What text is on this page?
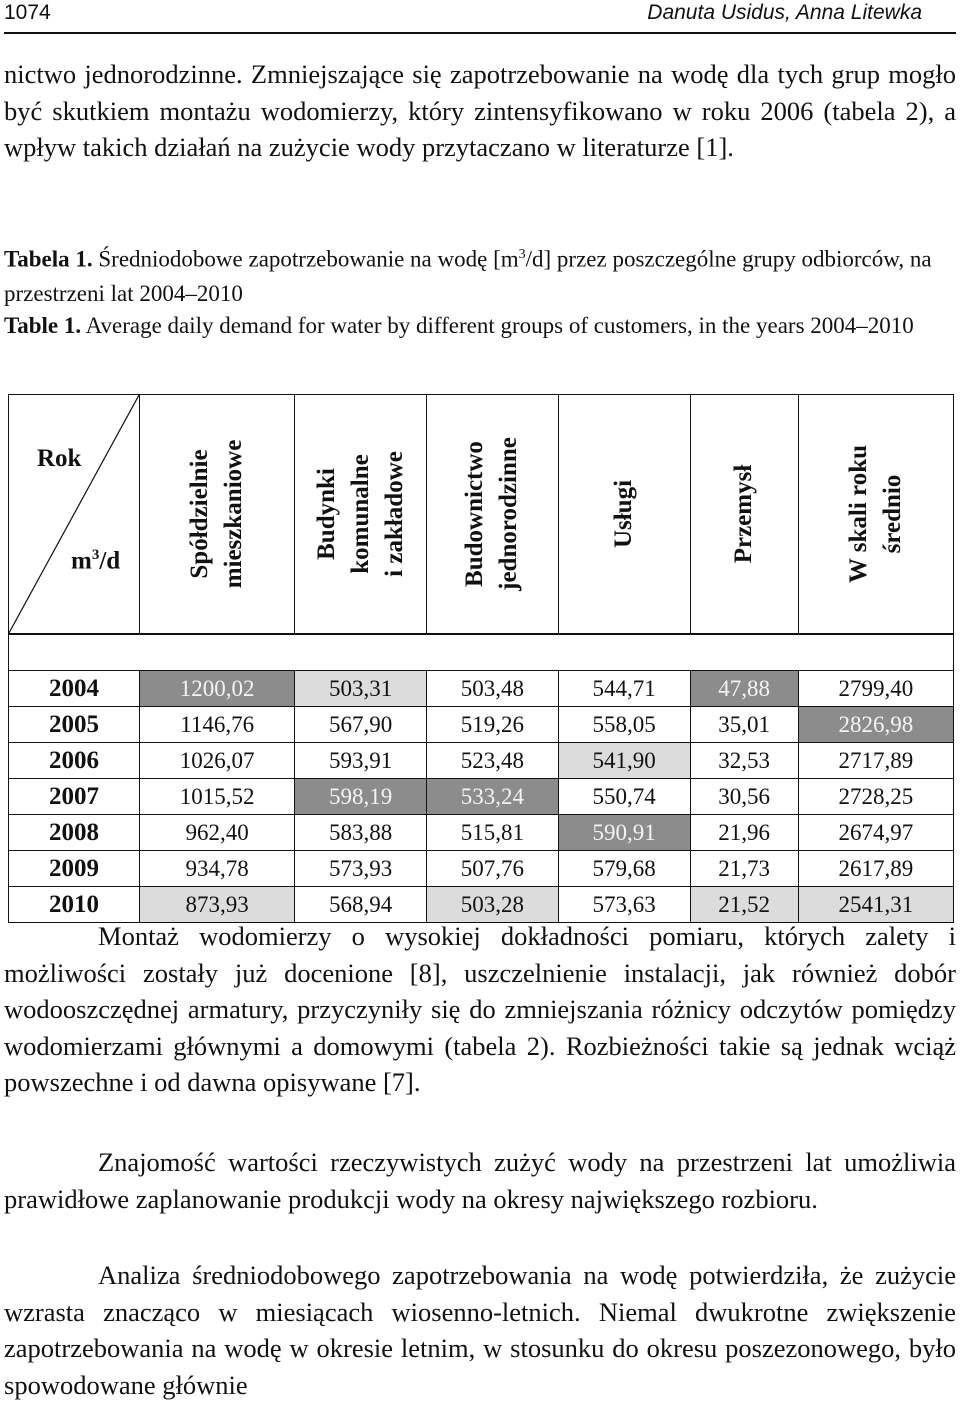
1074	Danuta Usidus, Anna Litewka
nictwo jednorodzinne. Zmniejszające się zapotrzebowanie na wodę dla tych grup mogło być skutkiem montażu wodomierzy, który zintensyfikowano w roku 2006 (tabela 2), a wpływ takich działań na zużycie wody przytaczano w literaturze [1].
Tabela 1. Średniodobowe zapotrzebowanie na wodę $[m^3/d]$ przez poszczególne grupy odbiorców, na przestrzeni lat 2004–2010
Table 1. Average daily demand for water by different groups of customers, in the years 2004–2010
Rok
$m^3/d$	Spółdzielnie mieszkaniowe	Budynki komunalne i zakładowe	Budownictwo jednorodzinne	Usługi	Przemysł	W skali roku średnio

2004	1200,02	503,31	503,48	544,71	47,88	2799,40
2005	1146,76	567,90	519,26	558,05	35,01	2826,98
2006	1026,07	593,91	523,48	541,90	32,53	2717,89
2007	1015,52	598,19	533,24	550,74	30,56	2728,25
2008	962,40	583,88	515,81	590,91	21,96	2674,97
2009	934,78	573,93	507,76	579,68	21,73	2617,89
2010	873,93	568,94	503,28	573,63	21,52	2541,31
Montaż wodomierzy o wysokiej dokładności pomiaru, których zalety i możliwości zostały już docenione [8], uszczelnienie instalacji, jak również dobór wodooszczędnej armatury, przyczyniły się do zmniejszania różnicy odczytów pomiędzy wodomierzami głównymi a domowymi (tabela 2). Rozbieżności takie są jednak wciąż powszechne i od dawna opisywane [7].
Znajomość wartości rzeczywistych zużyć wody na przestrzeni lat umożliwia prawidłowe zaplanowanie produkcji wody na okresy największego rozbioru.
Analiza średniodobowego zapotrzebowania na wodę potwierdziła, że zużycie wzrasta znacząco w miesiącach wiosenno-letnich. Niemal dwukrotne zwiększenie zapotrzebowania na wodę w okresie letnim, w stosunku do okresu poszezonowego, było spowodowane głównie
